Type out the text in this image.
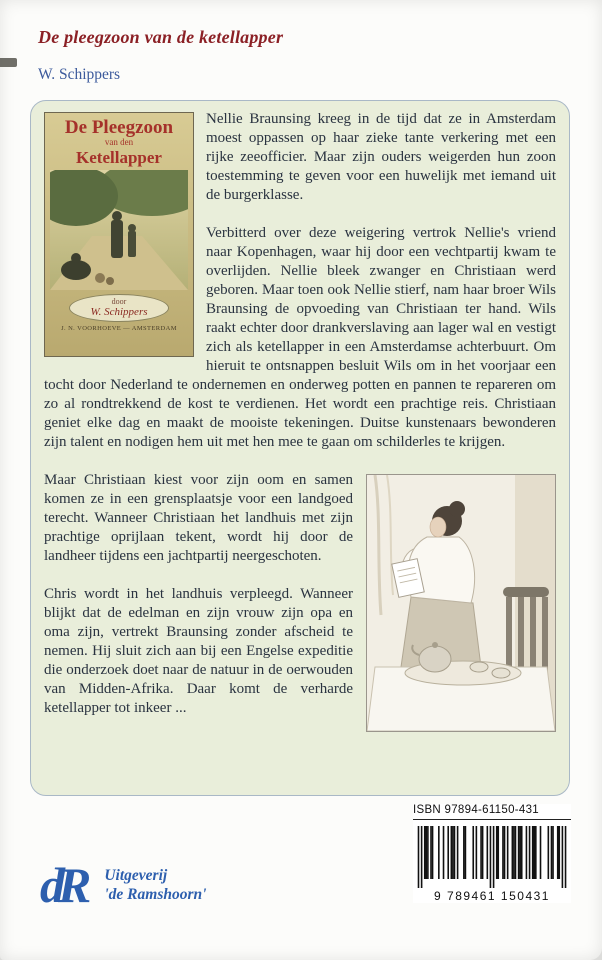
De pleegzoon van de ketellapper
W. Schippers
De Pleegzoon
van den
Ketellapper
door
W. Schippers
J. N. VOORHOEVE — AMSTERDAM

Nellie Braunsing kreeg in de tijd dat ze in Amsterdam moest oppassen op haar zieke tante verkering met een rijke zeeofficier. Maar zijn ouders weigerden hun zoon toestemming te geven voor een huwelijk met iemand uit de burgerklasse.

Verbitterd over deze weigering vertrok Nellie's vriend naar Kopenhagen, waar hij door een vechtpartij kwam te overlijden. Nellie bleek zwanger en Christiaan werd geboren. Maar toen ook Nellie stierf, nam haar broer Wils Braunsing de opvoeding van Christiaan ter hand. Wils raakt echter door drankverslaving aan lager wal en vestigt zich als ketellapper in een Amsterdamse achterbuurt. Om hieruit te ontsnappen besluit Wils om in het voorjaar een tocht door Nederland te ondernemen en onderweg potten en pannen te repareren om zo al rondtrekkend de kost te verdienen. Het wordt een prachtige reis. Christiaan geniet elke dag en maakt de mooiste tekeningen. Duitse kunstenaars bewonderen zijn talent en nodigen hem uit met hen mee te gaan om schilderles te krijgen.

Maar Christiaan kiest voor zijn oom en samen komen ze in een grensplaatsje voor een landgoed terecht. Wanneer Christiaan het landhuis met zijn prachtige oprijlaan tekent, wordt hij door de landheer tijdens een jachtpartij neergeschoten.

Chris wordt in het landhuis verpleegd. Wanneer blijkt dat de edelman en zijn vrouw zijn opa en oma zijn, vertrekt Braunsing zonder afscheid te nemen. Hij sluit zich aan bij een Engelse expeditie die onderzoek doet naar de natuur in de oerwouden van Midden-Afrika. Daar komt de verharde ketellapper tot inkeer ...

dR	Uitgeverij
'de Ramshoorn'
ISBN 97894-61150-431
9 789461 150431
